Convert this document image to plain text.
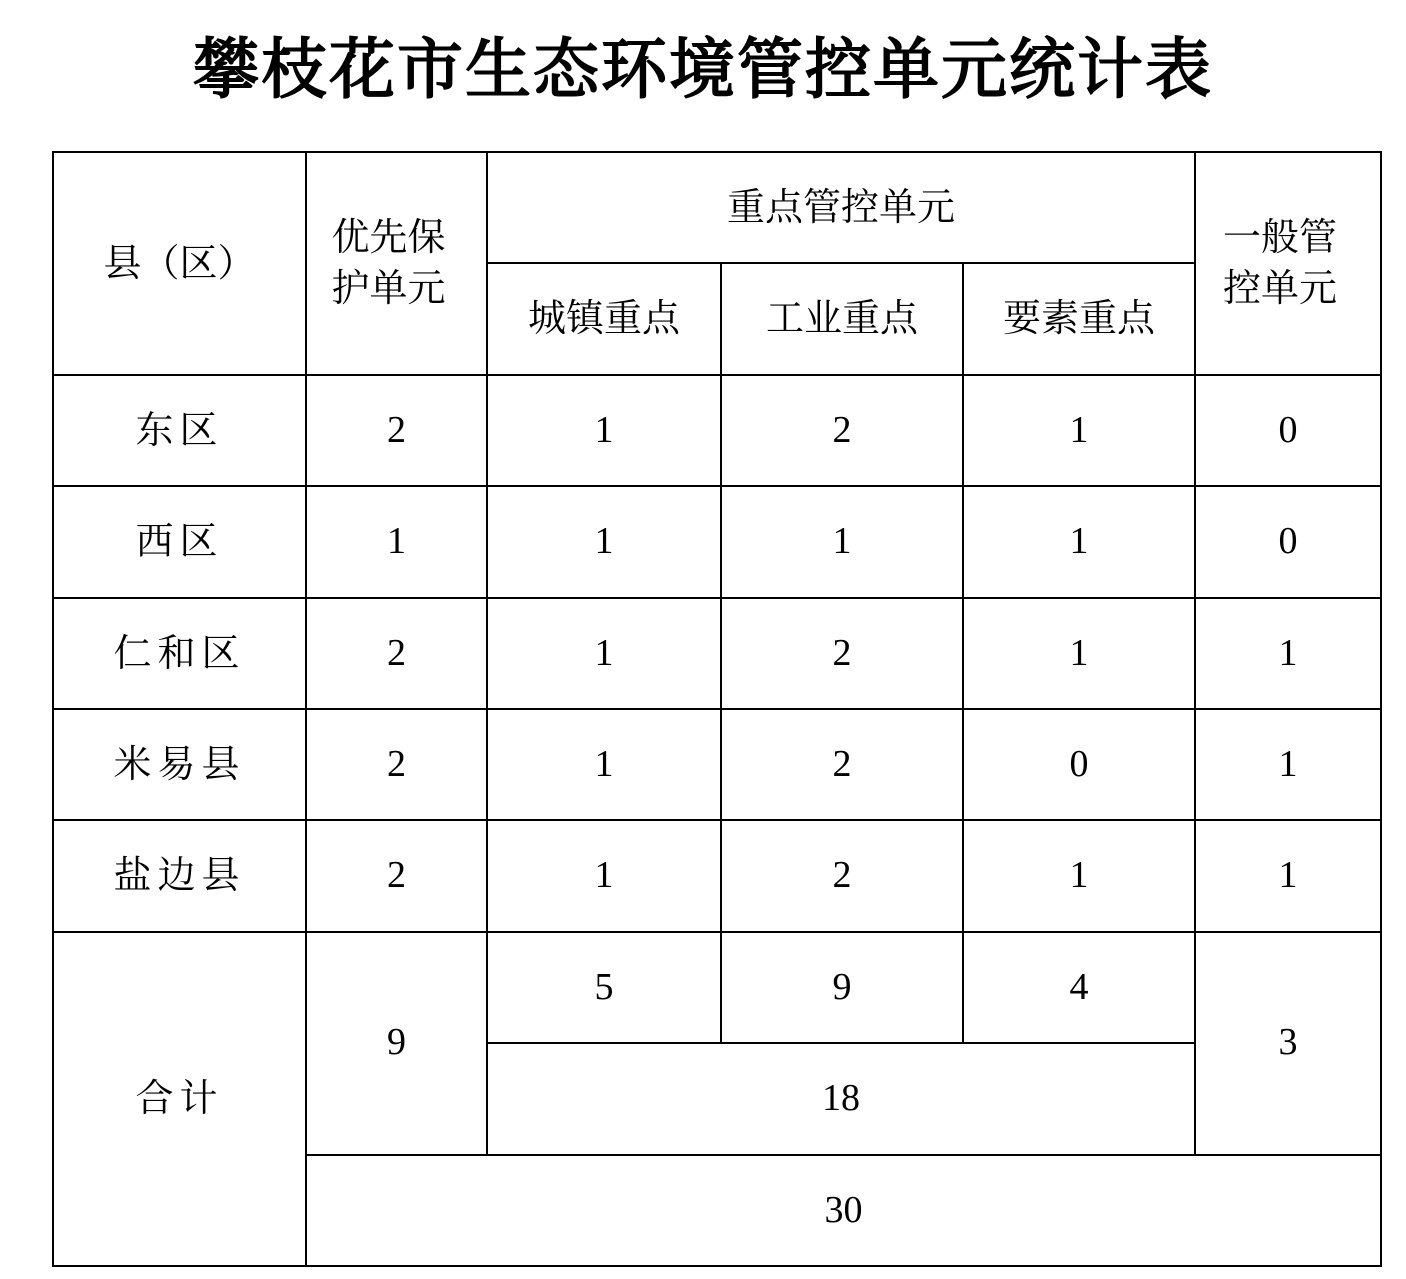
攀枝花市生态环境管控单元统计表
县（区）	优先保护单元	重点管控单元			一般管控单元
		城镇重点	工业重点	要素重点	
东区	2	1	2	1	0
西区	1	1	1	1	0
仁和区	2	1	2	1	1
米易县	2	1	2	0	1
盐边县	2	1	2	1	1
合计	9	5	9	4	3
		18			
	30				
